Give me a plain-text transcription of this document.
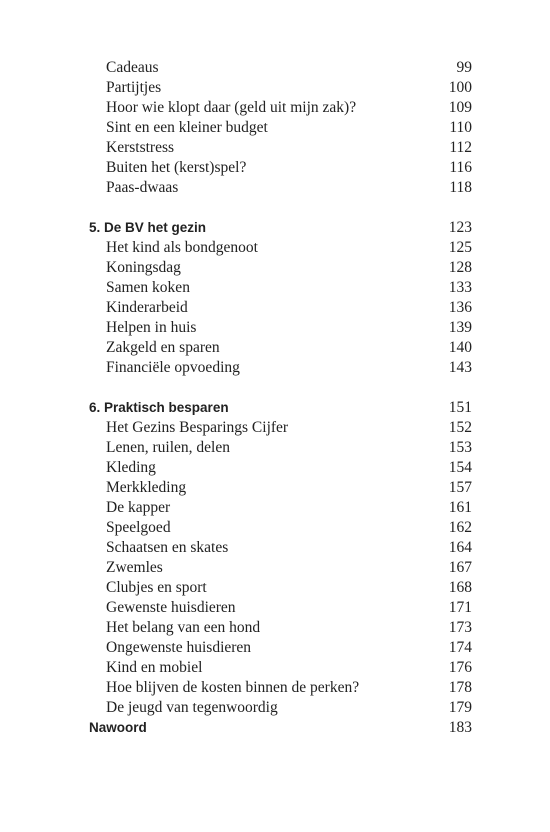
Cadeaus	99
Partijtjes	100
Hoor wie klopt daar (geld uit mijn zak)?	109
Sint en een kleiner budget	110
Kerststress	112
Buiten het (kerst)spel?	116
Paas-dwaas	118
5. De BV het gezin	123
Het kind als bondgenoot	125
Koningsdag	128
Samen koken	133
Kinderarbeid	136
Helpen in huis	139
Zakgeld en sparen	140
Financiële opvoeding	143
6. Praktisch besparen	151
Het Gezins Besparings Cijfer	152
Lenen, ruilen, delen	153
Kleding	154
Merkkleding	157
De kapper	161
Speelgoed	162
Schaatsen en skates	164
Zwemles	167
Clubjes en sport	168
Gewenste huisdieren	171
Het belang van een hond	173
Ongewenste huisdieren	174
Kind en mobiel	176
Hoe blijven de kosten binnen de perken?	178
De jeugd van tegenwoordig	179
Nawoord	183
